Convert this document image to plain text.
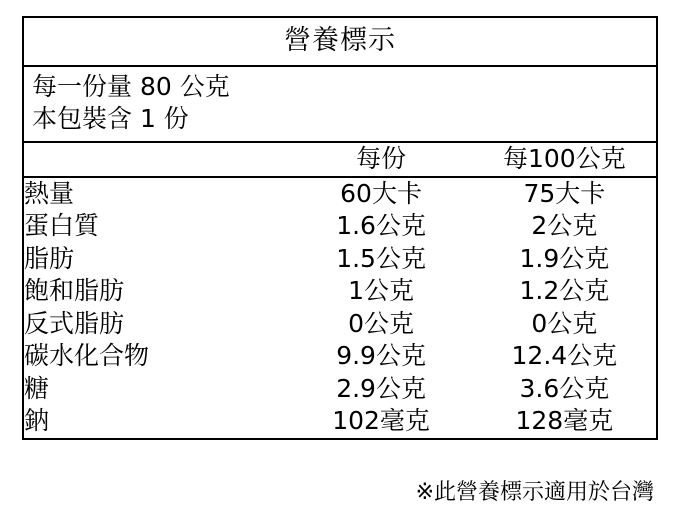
營養標示
每一份量 80 公克
本包裝含 1 份
	每份	每100公克

熱量	60大卡	75大卡
蛋白質	1.6公克	2公克
脂肪	1.5公克	1.9公克
飽和脂肪	1公克	1.2公克
反式脂肪	0公克	0公克
碳水化合物	9.9公克	12.4公克
糖	2.9公克	3.6公克
鈉	102毫克	128毫克
※此營養標示適用於台灣
